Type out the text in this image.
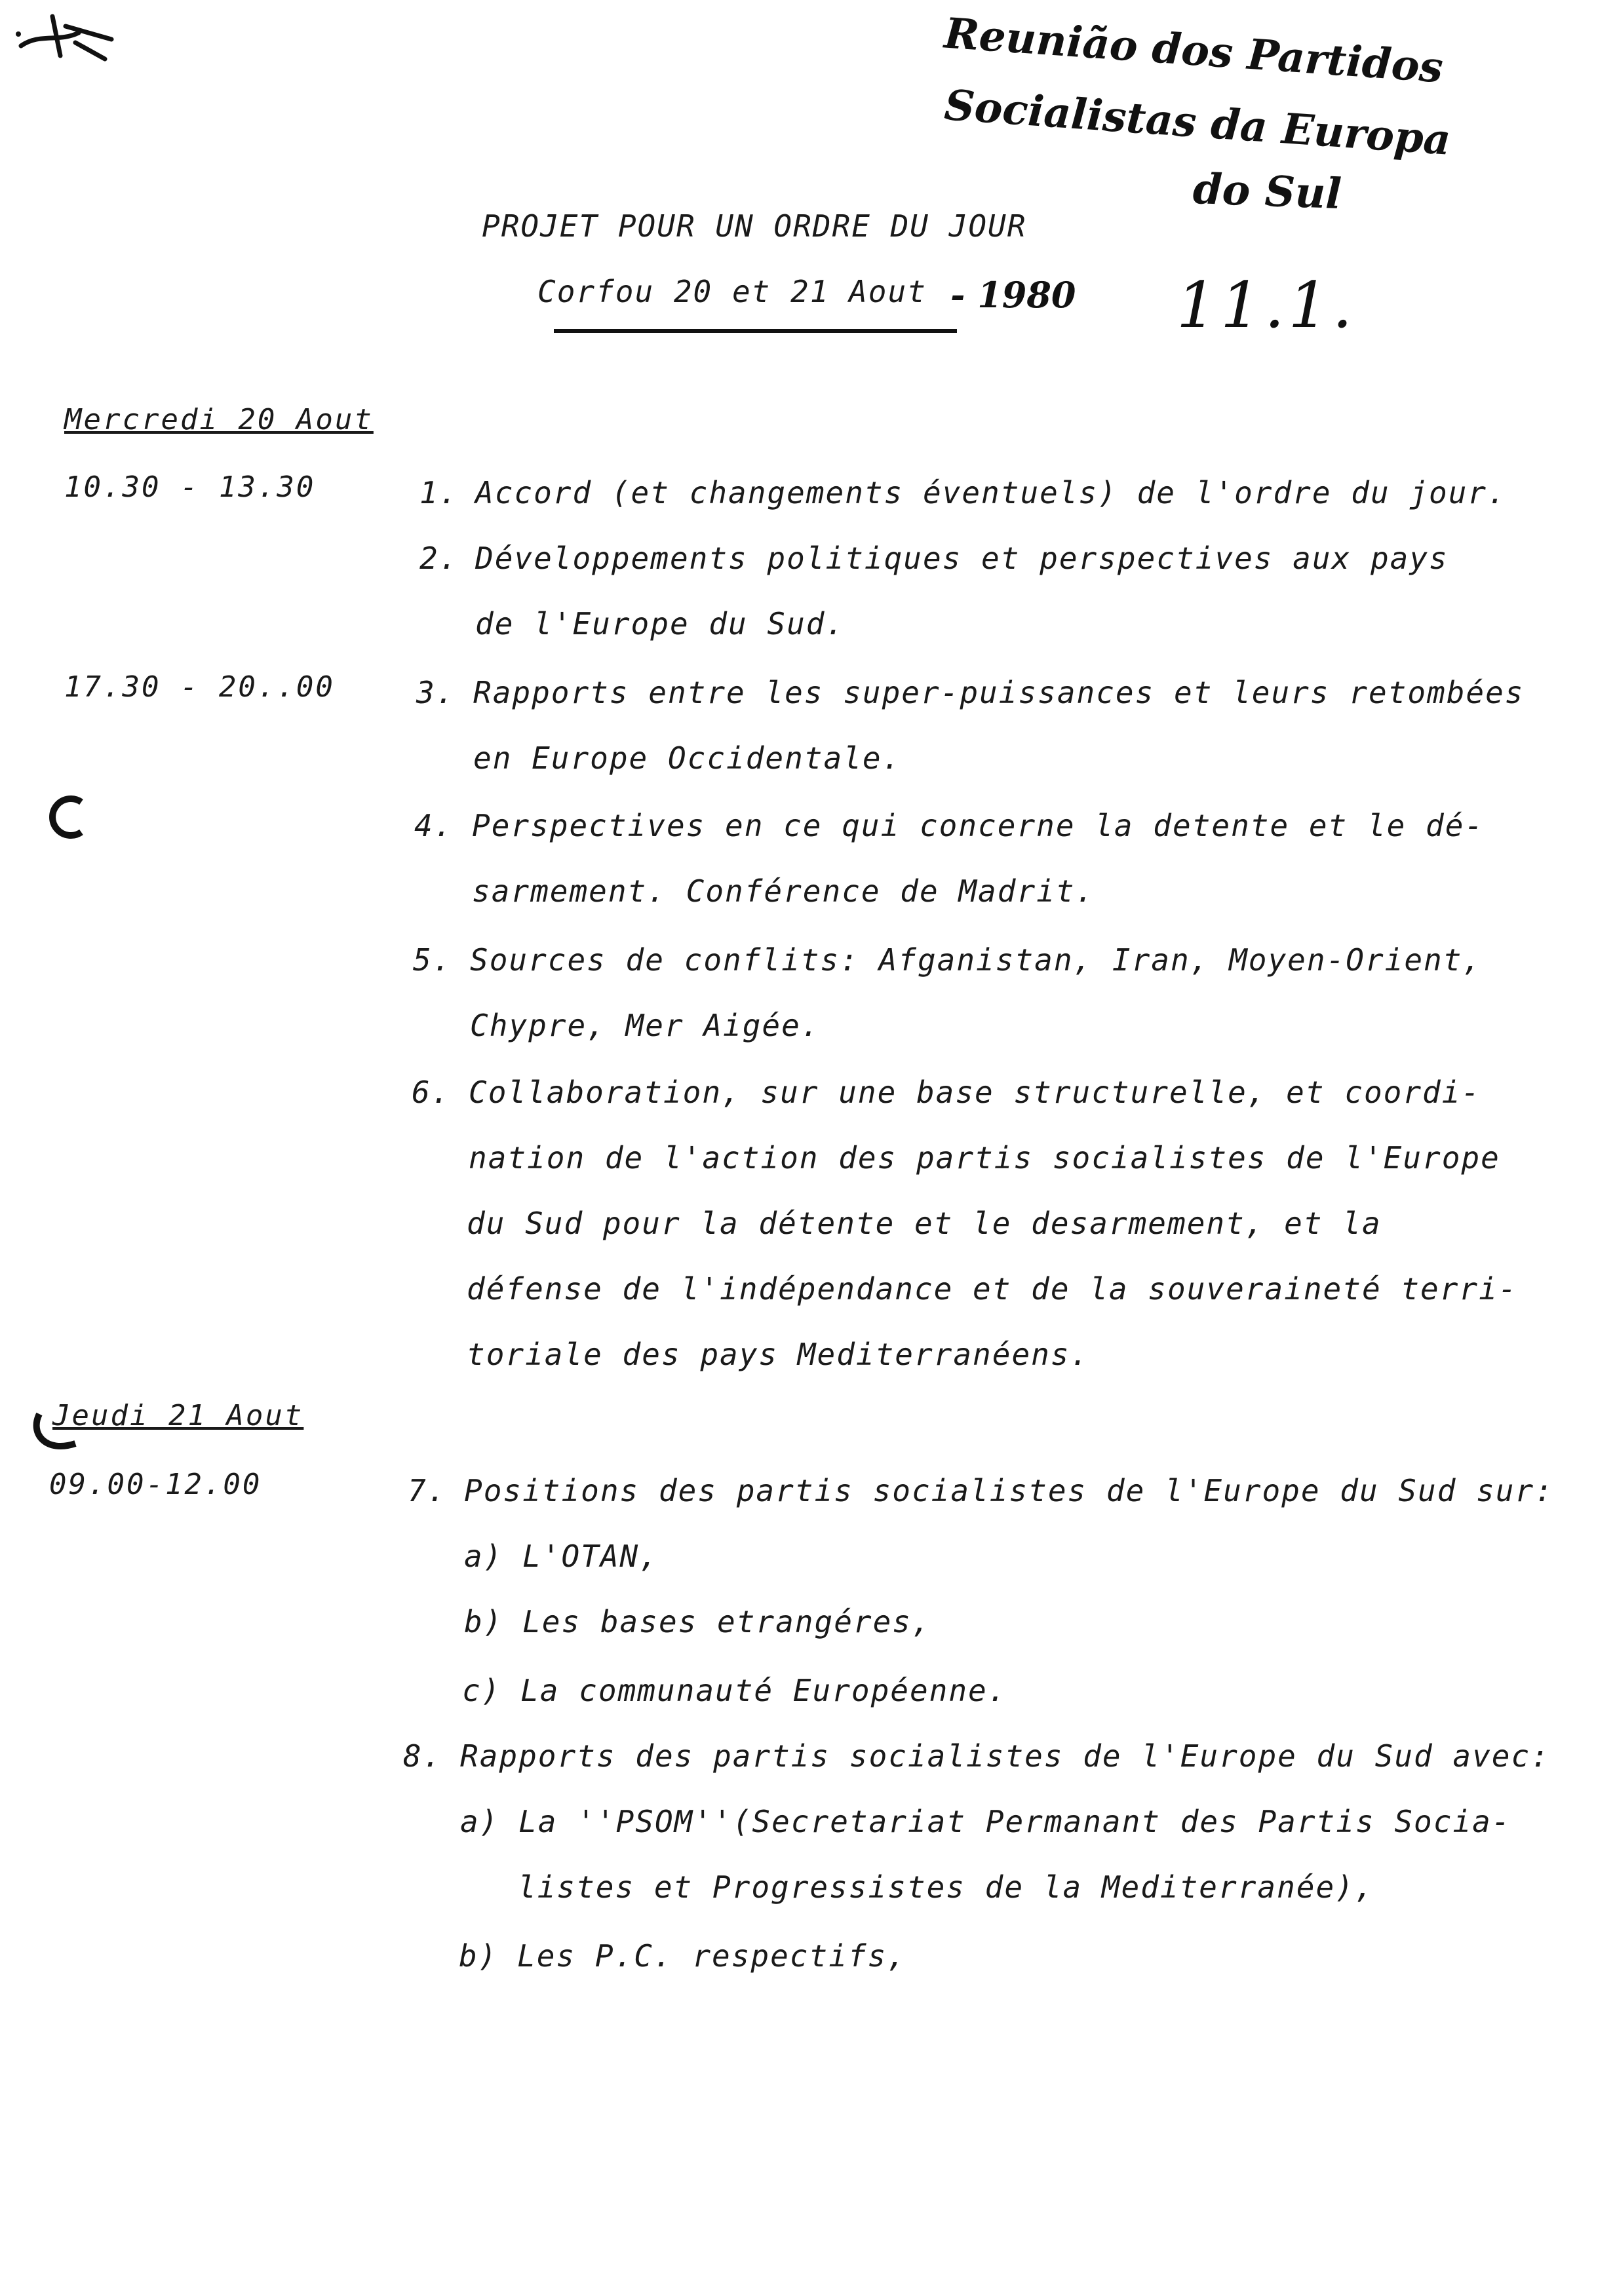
Reunião dos Partidos
Socialistas da Europa
do Sul
PROJET POUR UN ORDRE DU JOUR
Corfou 20 et 21 Aout - 1980 11.1.
Mercredi 20 Aout
10.30 - 13.30
17.30 - 20..00
1. Accord (et changements éventuels) de l'ordre du jour.
2. Développements politiques et perspectives aux pays
de l'Europe du Sud.
3. Rapports entre les super-puissances et leurs retombées
en Europe Occidentale.
4. Perspectives en ce qui concerne la detente et le dé-
sarmement. Conférence de Madrit.
5. Sources de conflits: Afganistan, Iran, Moyen-Orient,
Chypre, Mer Aigée.
6. Collaboration, sur une base structurelle, et coordi-
nation de l'action des partis socialistes de l'Europe
du Sud pour la détente et le desarmement, et la
défense de l'indépendance et de la souveraineté terri-
toriale des pays Mediterranéens.
Jeudi 21 Aout
09.00-12.00	7. Positions des partis socialistes de l'Europe du Sud sur:
a) L'OTAN,
b) Les bases etrangéres,
c) La communauté Européenne.
8. Rapports des partis socialistes de l'Europe du Sud avec:
a) La ''PSOM''(Secretariat Permanant des Partis Socia-
listes et Progressistes de la Mediterranée),
b) Les P.C. respectifs,
